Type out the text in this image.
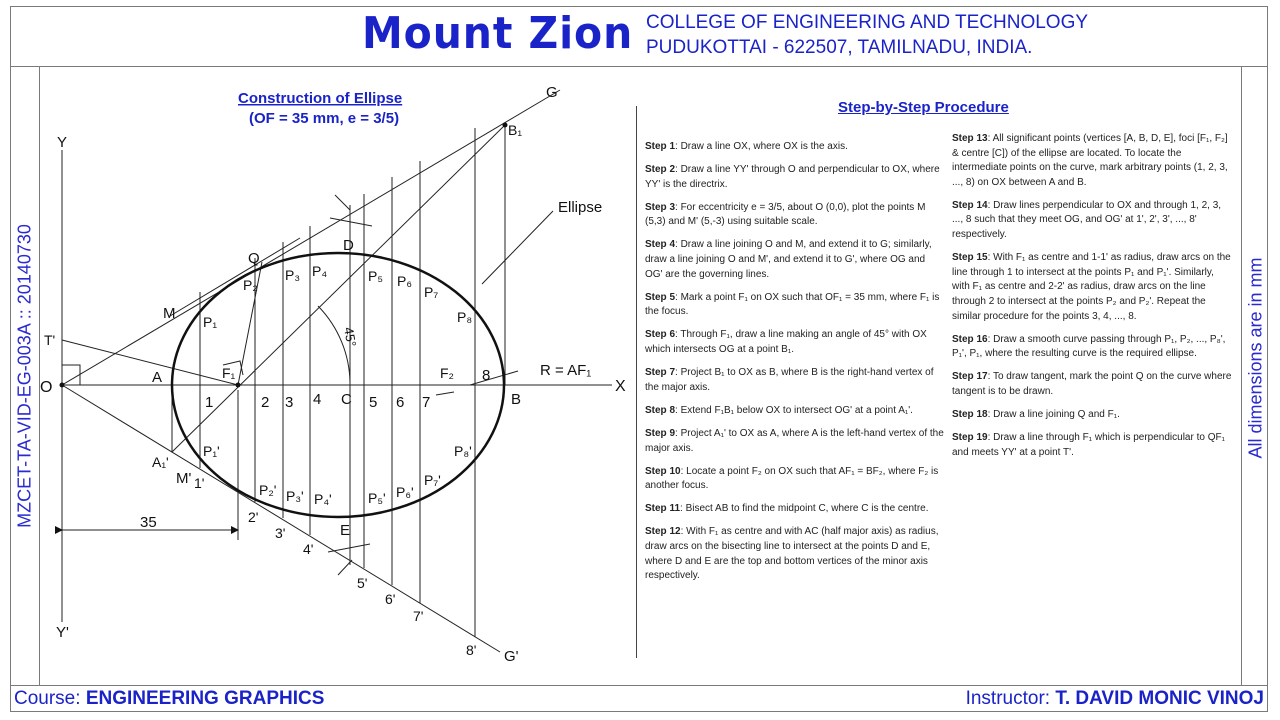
Mount Zion COLLEGE OF ENGINEERING AND TECHNOLOGY
PUDUKOTTAI - 622507, TAMILNADU, INDIA.
MZCET-TA-VID-EG-003A :: 20140730	All dimensions are in mm
Course: ENGINEERING GRAPHICS	Instructor: T. DAVID MONIC VINOJ
Construction of Ellipse
(OF = 35 mm, e = 3/5)
Ellipse
R = AF₁
35
45°
Y
Y'
O	X
G
G'
T'
M
M'
Q
D
E
A
B
C
F₁	F₂
B₁
A₁'
1	2 3 4	5 6 7
8
1'
2'
3'
4'
5'
6'
7'
8'
P₁
P₂
P₃ P₄	P₅ P₆
P₇
P₈
P₁'
P₂' P₃' P₄'	P₅' P₆'
P₇'
P₈'
Step-by-Step Procedure

Step 1: Draw a line OX, where OX is the axis.

Step 2: Draw a line YY' through O and perpendicular to OX, where YY' is the directrix.

Step 3: For eccentricity e = 3/5, about O (0,0), plot the points M (5,3) and M' (5,-3) using suitable scale.

Step 4: Draw a line joining O and M, and extend it to G; similarly, draw a line joining O and M', and extend it to G', where OG and OG' are the governing lines.

Step 5: Mark a point F₁ on OX such that OF₁ = 35 mm, where F₁ is the focus.

Step 6: Through F₁, draw a line making an angle of 45° with OX which intersects OG at a point B₁.

Step 7: Project B₁ to OX as B, where B is the right-hand vertex of the major axis.

Step 8: Extend F₁B₁ below OX to intersect OG' at a point A₁'.

Step 9: Project A₁' to OX as A, where A is the left-hand vertex of the major axis.

Step 10: Locate a point F₂ on OX such that AF₁ = BF₂, where F₂ is another focus.

Step 11: Bisect AB to find the midpoint C, where C is the centre.

Step 12: With F₁ as centre and with AC (half major axis) as radius, draw arcs on the bisecting line to intersect at the points D and E, where D and E are the top and bottom vertices of the minor axis respectively.

Step 13: All significant points (vertices [A, B, D, E], foci [F₁, F₂] & centre [C]) of the ellipse are located. To locate the intermediate points on the curve, mark arbitrary points (1, 2, 3, ..., 8) on OX between A and B.

Step 14: Draw lines perpendicular to OX and through 1, 2, 3, ..., 8 such that they meet OG, and OG' at 1', 2', 3', ..., 8' respectively.

Step 15: With F₁ as centre and 1-1' as radius, draw arcs on the line through 1 to intersect at the points P₁ and P₁'. Similarly, with F₁ as centre and 2-2' as radius, draw arcs on the line through 2 to intersect at the points P₂ and P₂'. Repeat the similar procedure for the points 3, 4, ..., 8.

Step 16: Draw a smooth curve passing through P₁, P₂, ..., P₈', P₁', P₁, where the resulting curve is the required ellipse.

Step 17: To draw tangent, mark the point Q on the curve where tangent is to be drawn.

Step 18: Draw a line joining Q and F₁.

Step 19: Draw a line through F₁ which is perpendicular to QF₁ and meets YY' at a point T'.
